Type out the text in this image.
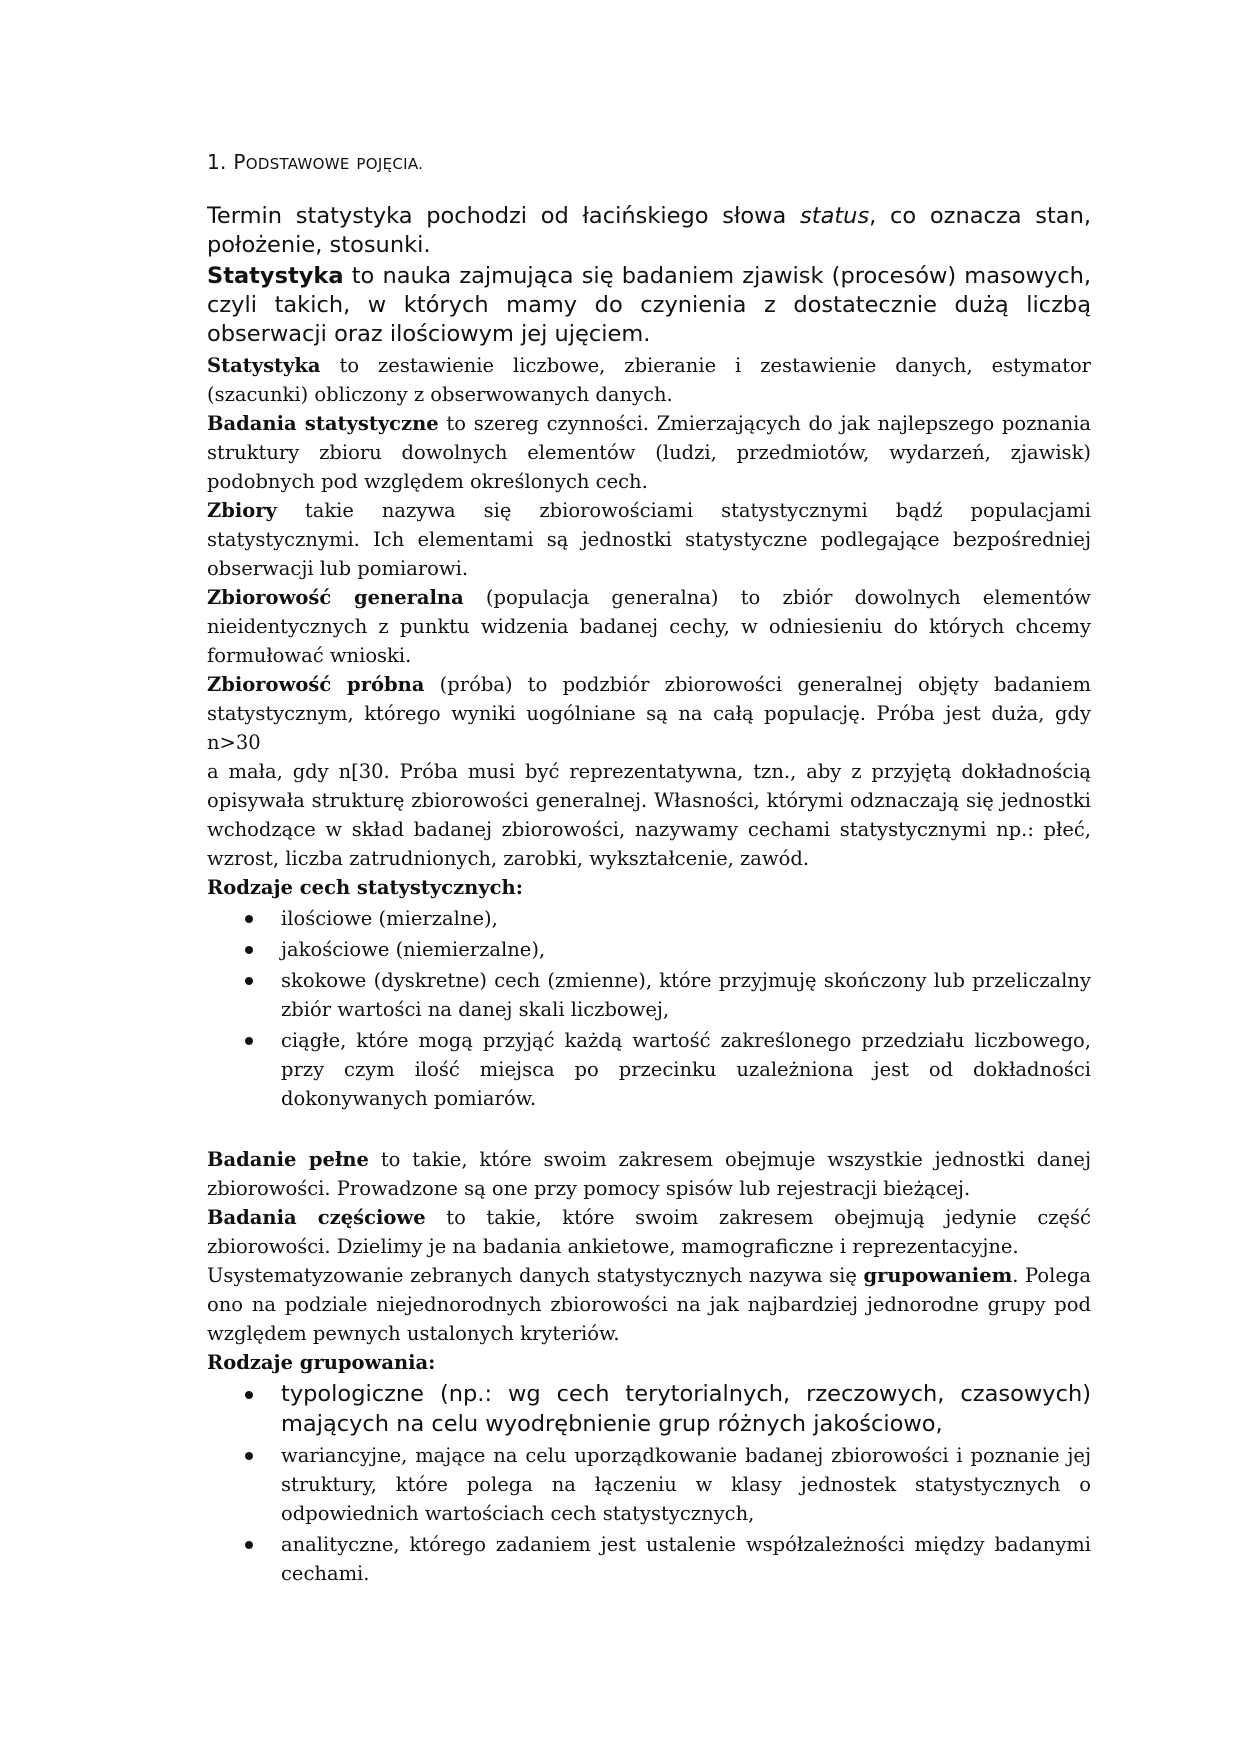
1. PODSTAWOWE POJĘCIA.

Termin statystyka pochodzi od łacińskiego słowa status, co oznacza stan, położenie, stosunki.

Statystyka to nauka zajmująca się badaniem zjawisk (procesów) masowych, czyli takich, w których mamy do czynienia z dostatecznie dużą liczbą obserwacji oraz ilościowym jej ujęciem.

Statystyka to zestawienie liczbowe, zbieranie i zestawienie danych, estymator (szacunki) obliczony z obserwowanych danych.

Badania statystyczne to szereg czynności. Zmierzających do jak najlepszego poznania struktury zbioru dowolnych elementów (ludzi, przedmiotów, wydarzeń, zjawisk) podobnych pod względem określonych cech.

Zbiory takie nazywa się zbiorowościami statystycznymi bądź populacjami statystycznymi. Ich elementami są jednostki statystyczne podlegające bezpośredniej obserwacji lub pomiarowi.

Zbiorowość generalna (populacja generalna) to zbiór dowolnych elementów nieidentycznych z punktu widzenia badanej cechy, w odniesieniu do których chcemy formułować wnioski.

Zbiorowość próbna (próba) to podzbiór zbiorowości generalnej objęty badaniem statystycznym, którego wyniki uogólniane są na całą populację. Próba jest duża, gdy n>30

a mała, gdy n[30. Próba musi być reprezentatywna, tzn., aby z przyjętą dokładnością opisywała strukturę zbiorowości generalnej. Własności, którymi odznaczają się jednostki wchodzące w skład badanej zbiorowości, nazywamy cechami statystycznymi np.: płeć, wzrost, liczba zatrudnionych, zarobki, wykształcenie, zawód.

Rodzaje cech statystycznych:

ilościowe (mierzalne),
jakościowe (niemierzalne),
skokowe (dyskretne) cech (zmienne), które przyjmuję skończony lub przeliczalny zbiór wartości na danej skali liczbowej,
ciągłe, które mogą przyjąć każdą wartość zakreślonego przedziału liczbowego, przy czym ilość miejsca po przecinku uzależniona jest od dokładności dokonywanych pomiarów.

Badanie pełne to takie, które swoim zakresem obejmuje wszystkie jednostki danej zbiorowości. Prowadzone są one przy pomocy spisów lub rejestracji bieżącej.

Badania częściowe to takie, które swoim zakresem obejmują jedynie część zbiorowości. Dzielimy je na badania ankietowe, mamograficzne i reprezentacyjne.

Usystematyzowanie zebranych danych statystycznych nazywa się grupowaniem. Polega ono na podziale niejednorodnych zbiorowości na jak najbardziej jednorodne grupy pod względem pewnych ustalonych kryteriów.

Rodzaje grupowania:

typologiczne (np.: wg cech terytorialnych, rzeczowych, czasowych) mających na celu wyodrębnienie grup różnych jakościowo,
wariancyjne, mające na celu uporządkowanie badanej zbiorowości i poznanie jej struktury, które polega na łączeniu w klasy jednostek statystycznych o odpowiednich wartościach cech statystycznych,
analityczne, którego zadaniem jest ustalenie współzależności między badanymi cechami.
